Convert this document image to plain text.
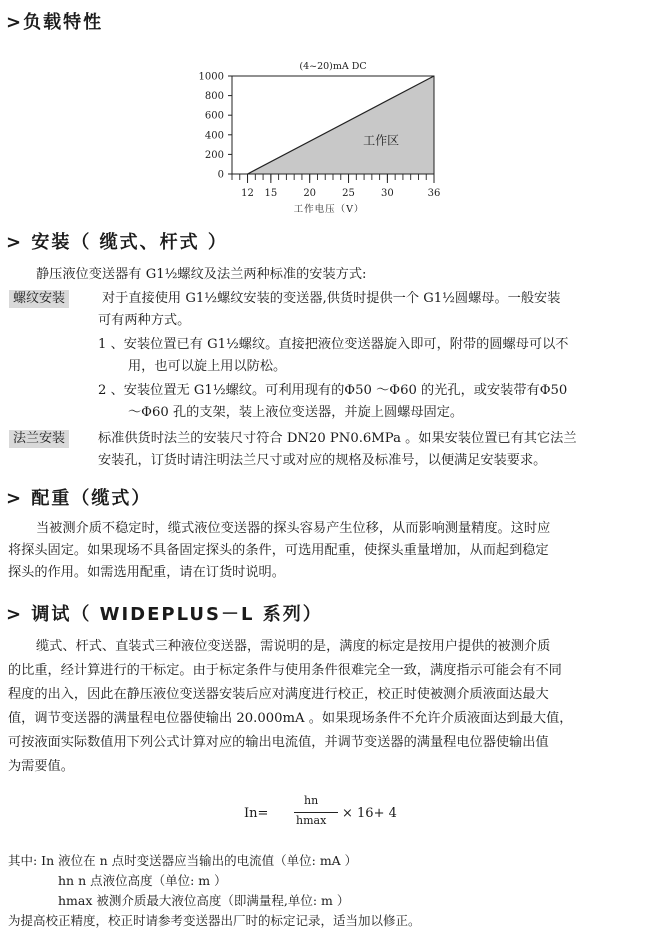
>负载特性
(4~20)mA DC
1000
800
600
400
200
0
12 15	20	25	30	36
工作电压（V）
工作区
> 安装（ 缆式、杆式 ）
静压液位变送器有 G1½螺纹及法兰两种标准的安装方式:
螺纹安装	对于直接使用 G1½螺纹安装的变送器,供货时提供一个 G1½圆螺母。一般安装
可有两种方式。
1 、安装位置已有 G1½螺纹。直接把液位变送器旋入即可，附带的圆螺母可以不
用，也可以旋上用以防松。
2 、安装位置无 G1½螺纹。可利用现有的Φ50 ～Φ60 的光孔，或安装带有Φ50
～Φ60 孔的支架，装上液位变送器，并旋上圆螺母固定。
法兰安装	标准供货时法兰的安装尺寸符合 DN20 PN0.6MPa 。如果安装位置已有其它法兰
安装孔，订货时请注明法兰尺寸或对应的规格及标准号，以便满足安装要求。
> 配重（缆式）
当被测介质不稳定时，缆式液位变送器的探头容易产生位移，从而影响测量精度。这时应
将探头固定。如果现场不具备固定探头的条件，可选用配重，使探头重量增加，从而起到稳定
探头的作用。如需选用配重，请在订货时说明。
> 调试（ WIDEPLUS－L 系列）
缆式、杆式、直装式三种液位变送器，需说明的是，满度的标定是按用户提供的被测介质
的比重，经计算进行的干标定。由于标定条件与使用条件很难完全一致，满度指示可能会有不同
程度的出入，因此在静压液位变送器安装后应对满度进行校正，校正时使被测介质液面达最大
值，调节变送器的满量程电位器使输出 20.000mA 。如果现场条件不允许介质液面达到最大值，
可按液面实际数值用下列公式计算对应的输出电流值，并调节变送器的满量程电位器使输出值
为需要值。
In=
hn
hmax × 16+ 4
其中: In 液位在 n 点时变送器应当输出的电流值（单位: mA ）
hn n 点液位高度（单位: m ）
hmax 被测介质最大液位高度（即满量程,单位: m ）
为提高校正精度，校正时请参考变送器出厂时的标定记录，适当加以修正。
